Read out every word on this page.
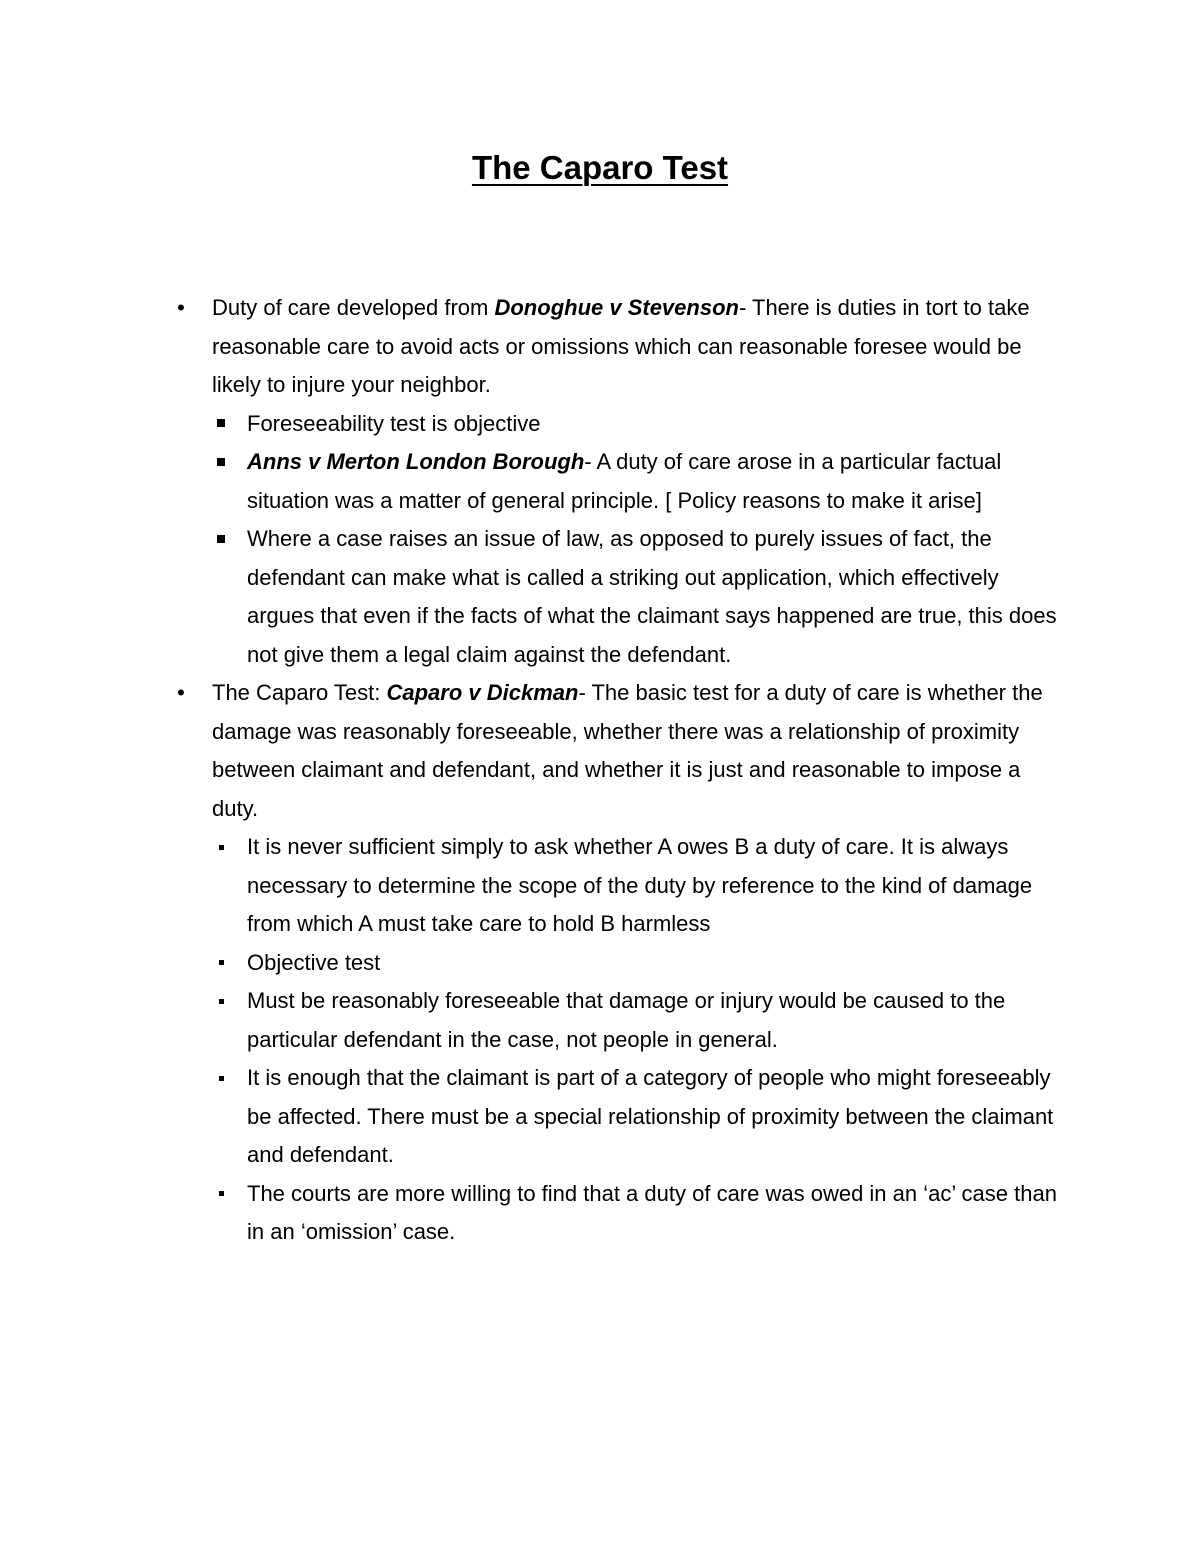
The Caparo Test
• Duty of care developed from Donoghue v Stevenson- There is duties in tort to take reasonable care to avoid acts or omissions which can reasonable foresee would be likely to injure your neighbor.
Foreseeability test is objective
Anns v Merton London Borough- A duty of care arose in a particular factual situation was a matter of general principle. [ Policy reasons to make it arise]
Where a case raises an issue of law, as opposed to purely issues of fact, the defendant can make what is called a striking out application, which effectively argues that even if the facts of what the claimant says happened are true, this does not give them a legal claim against the defendant.
• The Caparo Test: Caparo v Dickman- The basic test for a duty of care is whether the damage was reasonably foreseeable, whether there was a relationship of proximity between claimant and defendant, and whether it is just and reasonable to impose a duty.
It is never sufficient simply to ask whether A owes B a duty of care. It is always necessary to determine the scope of the duty by reference to the kind of damage from which A must take care to hold B harmless
Objective test
Must be reasonably foreseeable that damage or injury would be caused to the particular defendant in the case, not people in general.
It is enough that the claimant is part of a category of people who might foreseeably be affected. There must be a special relationship of proximity between the claimant and defendant.
The courts are more willing to find that a duty of care was owed in an ‘ac’ case than in an ‘omission’ case.
